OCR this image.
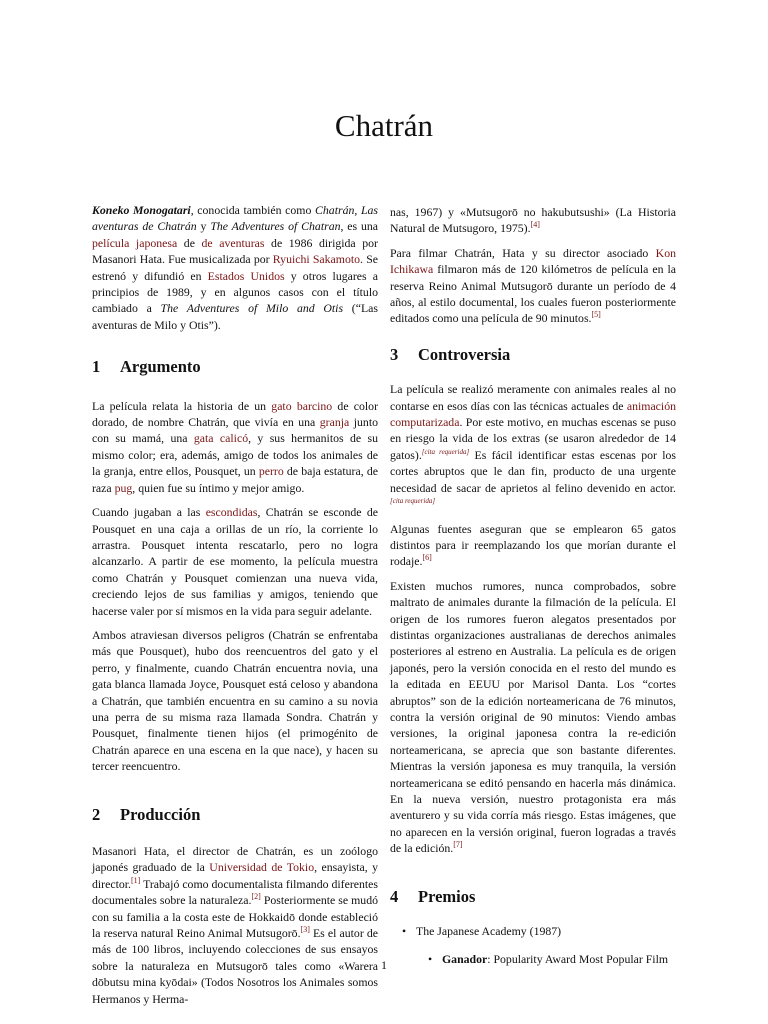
Chatrán

Koneko Monogatari, conocida también como Chatrán, Las aventuras de Chatrán y The Adventures of Chatran, es una película japonesa de de aventuras de 1986 dirigida por Masanori Hata. Fue musicalizada por Ryuichi Sakamoto. Se estrenó y difundió en Estados Unidos y otros lugares a principios de 1989, y en algunos casos con el título cambiado a The Adventures of Milo and Otis (“Las aventuras de Milo y Otis”).

1 Argumento

La película relata la historia de un gato barcino de color dorado, de nombre Chatrán, que vivía en una granja junto con su mamá, una gata calicó, y sus hermanitos de su mismo color; era, además, amigo de todos los animales de la granja, entre ellos, Pousquet, un perro de baja estatura, de raza pug, quien fue su íntimo y mejor amigo.

Cuando jugaban a las escondidas, Chatrán se esconde de Pousquet en una caja a orillas de un río, la corriente lo arrastra. Pousquet intenta rescatarlo, pero no logra alcanzarlo. A partir de ese momento, la película muestra como Chatrán y Pousquet comienzan una nueva vida, creciendo lejos de sus familias y amigos, teniendo que hacerse valer por sí mismos en la vida para seguir adelante.

Ambos atraviesan diversos peligros (Chatrán se enfrentaba más que Pousquet), hubo dos reencuentros del gato y el perro, y finalmente, cuando Chatrán encuentra novia, una gata blanca llamada Joyce, Pousquet está celoso y abandona a Chatrán, que también encuentra en su camino a su novia una perra de su misma raza llamada Sondra. Chatrán y Pousquet, finalmente tienen hijos (el primogénito de Chatrán aparece en una escena en la que nace), y hacen su tercer reencuentro.

2 Producción

Masanori Hata, el director de Chatrán, es un zoólogo japonés graduado de la Universidad de Tokio, ensayista, y director.[1] Trabajó como documentalista filmando diferentes documentales sobre la naturaleza.[2] Posteriormente se mudó con su familia a la costa este de Hokkaidō donde estableció la reserva natural Reino Animal Mutsugorō.[3] Es el autor de más de 100 libros, incluyendo colecciones de sus ensayos sobre la naturaleza en Mutsugorō tales como «Warera dōbutsu mina kyōdai» (Todos Nosotros los Animales somos Hermanos y Herma-

nas, 1967) y «Mutsugorō no hakubutsushi» (La Historia Natural de Mutsugoro, 1975).[4]

Para filmar Chatrán, Hata y su director asociado Kon Ichikawa filmaron más de 120 kilómetros de película en la reserva Reino Animal Mutsugorō durante un período de 4 años, al estilo documental, los cuales fueron posteriormente editados como una película de 90 minutos.[5]

3 Controversia

La película se realizó meramente con animales reales al no contarse en esos días con las técnicas actuales de animación computarizada. Por este motivo, en muchas escenas se puso en riesgo la vida de los extras (se usaron alrededor de 14 gatos).[cita requerida] Es fácil identificar estas escenas por los cortes abruptos que le dan fin, producto de una urgente necesidad de sacar de aprietos al felino devenido en actor.[cita requerida]

Algunas fuentes aseguran que se emplearon 65 gatos distintos para ir reemplazando los que morían durante el rodaje.[6]

Existen muchos rumores, nunca comprobados, sobre maltrato de animales durante la filmación de la película. El origen de los rumores fueron alegatos presentados por distintas organizaciones australianas de derechos animales posteriores al estreno en Australia. La película es de origen japonés, pero la versión conocida en el resto del mundo es la editada en EEUU por Marisol Danta. Los “cortes abruptos” son de la edición norteamericana de 76 minutos, contra la versión original de 90 minutos: Viendo ambas versiones, la original japonesa contra la re-edición norteamericana, se aprecia que son bastante diferentes. Mientras la versión japonesa es muy tranquila, la versión norteamericana se editó pensando en hacerla más dinámica. En la nueva versión, nuestro protagonista era más aventurero y su vida corría más riesgo. Estas imágenes, que no aparecen en la versión original, fueron logradas a través de la edición.[7]

4 Premios
• The Japanese Academy (1987)
• Ganador: Popularity Award Most Popular Film
1
